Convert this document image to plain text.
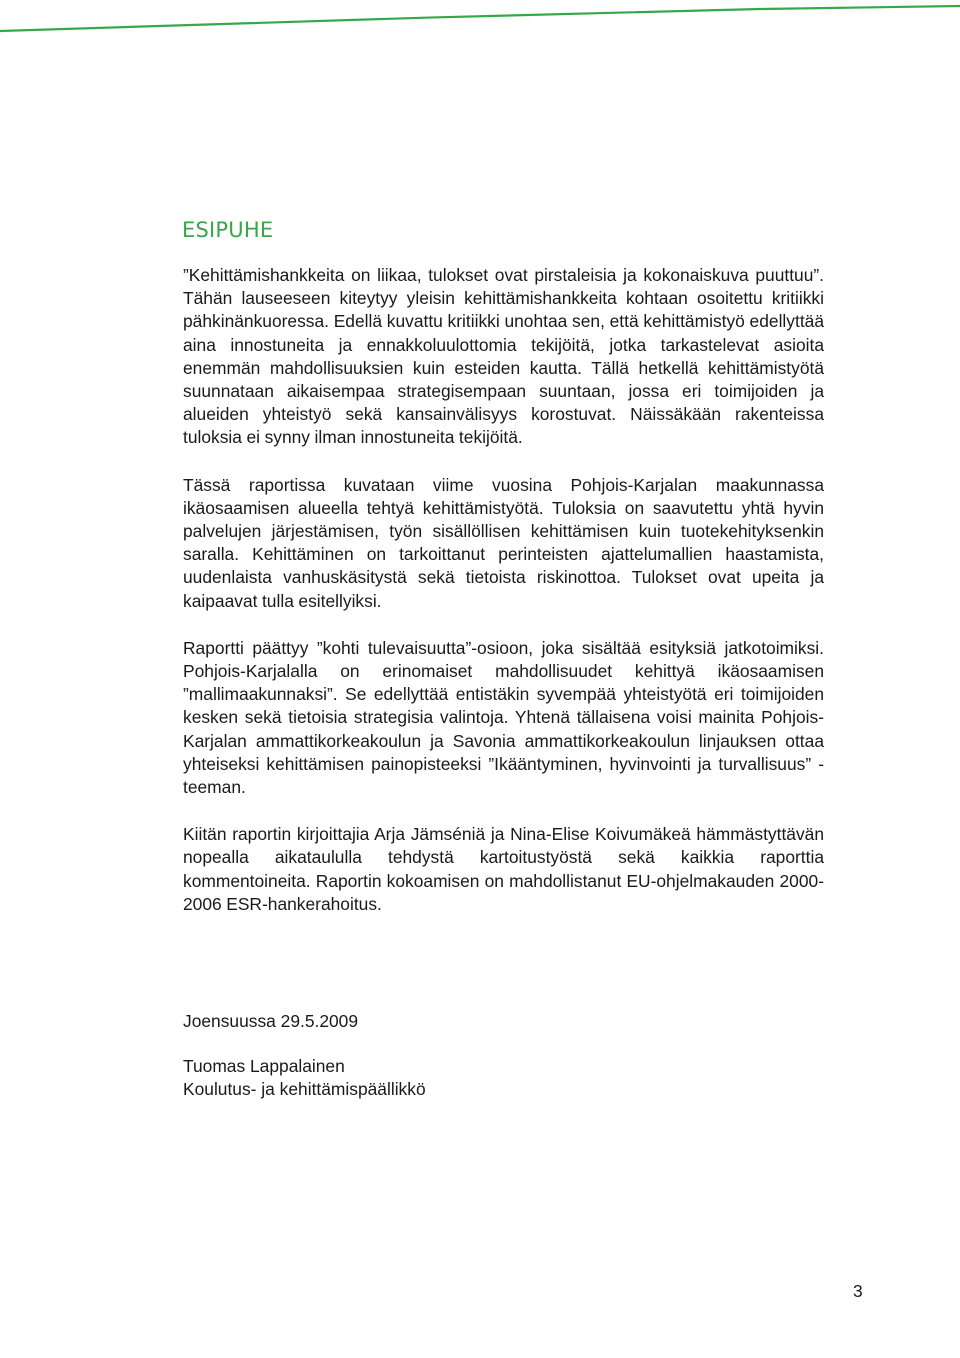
ESIPUHE

”Kehittämishankkeita on liikaa, tulokset ovat pirstaleisia ja kokonaiskuva puuttuu”. Tähän lauseeseen kiteytyy yleisin kehittämishankkeita kohtaan osoitettu kritiikki pähkinänkuoressa. Edellä kuvattu kritiikki unohtaa sen, että kehittämistyö edellyttää aina innostuneita ja ennakkoluulottomia tekijöitä, jotka tarkastelevat asioita enemmän mahdollisuuksien kuin esteiden kautta. Tällä hetkellä kehittämistyötä suunnataan aikaisempaa strategisempaan suuntaan, jossa eri toimijoiden ja alueiden yhteistyö sekä kansainvälisyys korostuvat. Näissäkään rakenteissa tuloksia ei synny ilman innostuneita tekijöitä.

Tässä raportissa kuvataan viime vuosina Pohjois-Karjalan maakunnassa ikäosaamisen alueella tehtyä kehittämistyötä. Tuloksia on saavutettu yhtä hyvin palvelujen järjestämisen, työn sisällöllisen kehittämisen kuin tuotekehityksenkin saralla. Kehittäminen on tarkoittanut perinteisten ajattelumallien haastamista, uudenlaista vanhuskäsitystä sekä tietoista riskinottoa. Tulokset ovat upeita ja kaipaavat tulla esitellyiksi.

Raportti päättyy ”kohti tulevaisuutta”-osioon, joka sisältää esityksiä jatkotoimiksi. Pohjois-Karjalalla on erinomaiset mahdollisuudet kehittyä ikäosaamisen ”mallimaakunnaksi”. Se edellyttää entistäkin syvempää yhteistyötä eri toimijoiden kesken sekä tietoisia strategisia valintoja. Yhtenä tällaisena voisi mainita Pohjois-Karjalan ammattikorkeakoulun ja Savonia ammattikorkeakoulun linjauksen ottaa yhteiseksi kehittämisen painopisteeksi ”Ikääntyminen, hyvinvointi ja turvallisuus” - teeman.

Kiitän raportin kirjoittajia Arja Jämséniä ja Nina-Elise Koivumäkeä hämmästyttävän nopealla aikataululla tehdystä kartoitustyöstä sekä kaikkia raporttia kommentoineita. Raportin kokoamisen on mahdollistanut EU-ohjelmakauden 2000-2006 ESR-hankerahoitus.

Joensuussa 29.5.2009
Tuomas Lappalainen
Koulutus- ja kehittämispäällikkö
3
